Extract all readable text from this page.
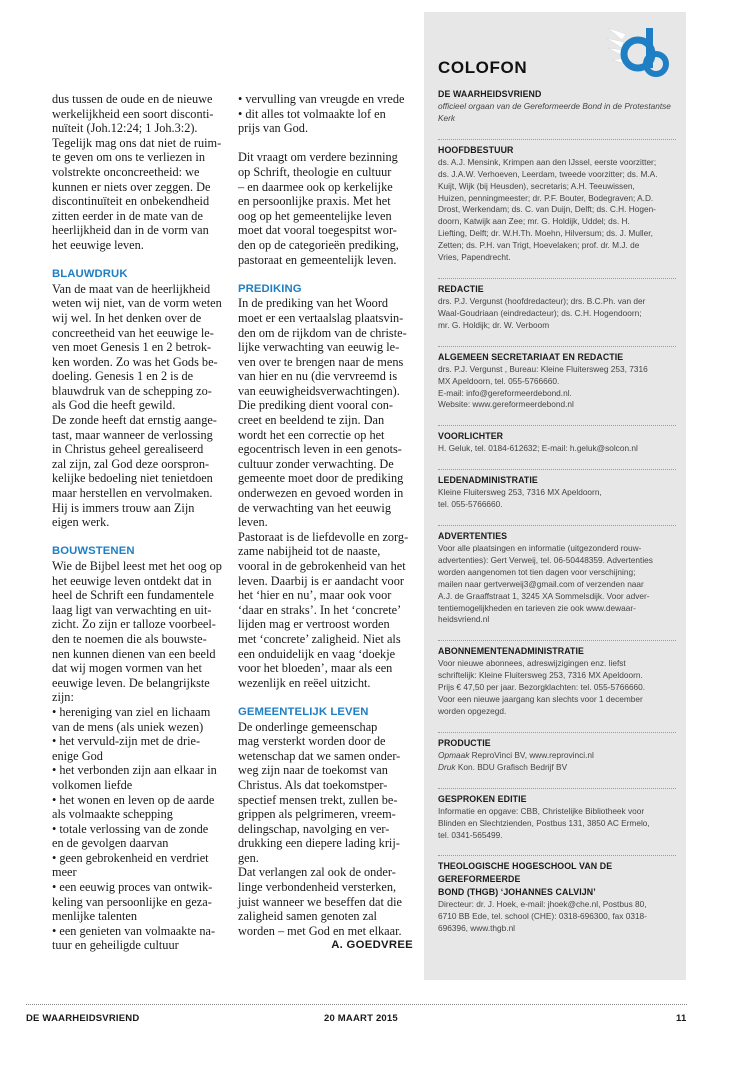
dus tussen de oude en de nieuwe
werkelijkheid een soort disconti-
nuïteit (Joh.12:24; 1 Joh.3:2).
Tegelijk mag ons dat niet de ruim-
te geven om ons te verliezen in
volstrekte onconcreetheid: we
kunnen er niets over zeggen. De
discontinuïteit en onbekendheid
zitten eerder in de mate van de
heerlijkheid dan in de vorm van
het eeuwige leven.

BLAUWDRUK

Van de maat van de heerlijkheid
weten wij niet, van de vorm weten
wij wel. In het denken over de
concreetheid van het eeuwige le-
ven moet Genesis 1 en 2 betrok-
ken worden. Zo was het Gods be-
doeling. Genesis 1 en 2 is de
blauwdruk van de schepping zo-
als God die heeft gewild.
De zonde heeft dat ernstig aange-
tast, maar wanneer de verlossing
in Christus geheel gerealiseerd
zal zijn, zal God deze oorspron-
kelijke bedoeling niet tenietdoen
maar herstellen en vervolmaken.
Hij is immers trouw aan Zijn
eigen werk.

BOUWSTENEN

Wie de Bijbel leest met het oog op
het eeuwige leven ontdekt dat in
heel de Schrift een fundamentele
laag ligt van verwachting en uit-
zicht. Zo zijn er talloze voorbeel-
den te noemen die als bouwste-
nen kunnen dienen van een beeld
dat wij mogen vormen van het
eeuwige leven. De belangrijkste
zijn:

• hereniging van ziel en lichaam
van de mens (als uniek wezen)
• het vervuld-zijn met de drie-
enige God
• het verbonden zijn aan elkaar in
volkomen liefde
• het wonen en leven op de aarde
als volmaakte schepping
• totale verlossing van de zonde
en de gevolgen daarvan
• geen gebrokenheid en verdriet
meer
• een eeuwig proces van ontwik-
keling van persoonlijke en geza-
menlijke talenten
• een genieten van volmaakte na-
tuur en geheiligde cultuur

• vervulling van vreugde en vrede
• dit alles tot volmaakte lof en
prijs van God.

Dit vraagt om verdere bezinning
op Schrift, theologie en cultuur
– en daarmee ook op kerkelijke
en persoonlijke praxis. Met het
oog op het gemeentelijke leven
moet dat vooral toegespitst wor-
den op de categorieën prediking,
pastoraat en gemeentelijk leven.

PREDIKING

In de prediking van het Woord
moet er een vertaalslag plaatsvin-
den om de rijkdom van de christe-
lijke verwachting van eeuwig le-
ven over te brengen naar de mens
van hier en nu (die vervreemd is
van eeuwigheidsverwachtingen).
Die prediking dient vooral con-
creet en beeldend te zijn. Dan
wordt het een correctie op het
egocentrisch leven in een genots-
cultuur zonder verwachting. De
gemeente moet door de prediking
onderwezen en gevoed worden in
de verwachting van het eeuwig
leven.
Pastoraat is de liefdevolle en zorg-
zame nabijheid tot de naaste,
vooral in de gebrokenheid van het
leven. Daarbij is er aandacht voor
het ‘hier en nu’, maar ook voor
‘daar en straks’. In het ‘concrete’
lijden mag er vertroost worden
met ‘concrete’ zaligheid. Niet als
een onduidelijk en vaag ‘doekje
voor het bloeden’, maar als een
wezenlijk en reëel uitzicht.

GEMEENTELIJK LEVEN

De onderlinge gemeenschap
mag versterkt worden door de
wetenschap dat we samen onder-
weg zijn naar de toekomst van
Christus. Als dat toekomstper-
spectief mensen trekt, zullen be-
grippen als pelgrimeren, vreem-
delingschap, navolging en ver-
drukking een diepere lading krij-
gen.
Dat verlangen zal ook de onder-
linge verbondenheid versterken,
juist wanneer we beseffen dat die
zaligheid samen genoten zal
worden – met God en met elkaar.

A. GOEDVREE
COLOFON
DE WAARHEIDSVRIEND
officieel orgaan van de Gereformeerde Bond in de Protestantse
Kerk
HOOFDBESTUUR
ds. A.J. Mensink, Krimpen aan den IJssel, eerste voorzitter;
ds. J.A.W. Verhoeven, Leerdam, tweede voorzitter; ds. M.A.
Kuijt, Wijk (bij Heusden), secretaris; A.H. Teeuwissen,
Huizen, penningmeester; dr. P.F. Bouter, Bodegraven; A.D.
Drost, Werkendam; ds. C. van Duijn, Delft; ds. C.H. Hogen-
doorn, Katwijk aan Zee; mr. G. Holdijk, Uddel; ds. H.
Liefting, Delft; dr. W.H.Th. Moehn, Hilversum; ds. J. Muller,
Zetten; ds. P.H. van Trigt, Hoevelaken; prof. dr. M.J. de
Vries, Papendrecht.
REDACTIE
drs. P.J. Vergunst (hoofdredacteur); drs. B.C.Ph. van der
Waal-Goudriaan (eindredacteur); ds. C.H. Hogendoorn;
mr. G. Holdijk; dr. W. Verboom
ALGEMEEN SECRETARIAAT EN REDACTIE
drs. P.J. Vergunst , Bureau: Kleine Fluitersweg 253, 7316
MX Apeldoorn, tel. 055-5766660.
E-mail: info@gereformeerdebond.nl.
Website: www.gereformeerdebond.nl
VOORLICHTER
H. Geluk, tel. 0184-612632; E-mail: h.geluk@solcon.nl
LEDENADMINISTRATIE
Kleine Fluitersweg 253, 7316 MX Apeldoorn,
tel. 055-5766660.
ADVERTENTIES
Voor alle plaatsingen en informatie (uitgezonderd rouw-
advertenties): Gert Verweij, tel. 06-50448359. Advertenties
worden aangenomen tot tien dagen voor verschijning;
mailen naar gertverweij3@gmail.com of verzenden naar
A.J. de Graaffstraat 1, 3245 XA Sommelsdijk. Voor adver-
tentiemogelijkheden en tarieven zie ook www.dewaar-
heidsvriend.nl
ABONNEMENTENADMINISTRATIE
Voor nieuwe abonnees, adreswijzigingen enz. liefst
schriftelijk: Kleine Fluitersweg 253, 7316 MX Apeldoorn.
Prijs € 47,50 per jaar. Bezorgklachten: tel. 055-5766660.
Voor een nieuwe jaargang kan slechts voor 1 december
worden opgezegd.
PRODUCTIE
Opmaak ReproVinci BV, www.reprovinci.nl
Druk Kon. BDU Grafisch Bedrijf BV
GESPROKEN EDITIE
Informatie en opgave: CBB, Christelijke Bibliotheek voor
Blinden en Slechtzienden, Postbus 131, 3850 AC Ermelo,
tel. 0341-565499.
THEOLOGISCHE HOGESCHOOL VAN DE GEREFORMEERDE
BOND (THGB) ‘JOHANNES CALVIJN’
Directeur: dr. J. Hoek, e-mail: jhoek@che.nl, Postbus 80,
6710 BB Ede, tel. school (CHE): 0318-696300, fax 0318-
696396, www.thgb.nl
DE WAARHEIDSVRIEND	20 MAART 2015	11
